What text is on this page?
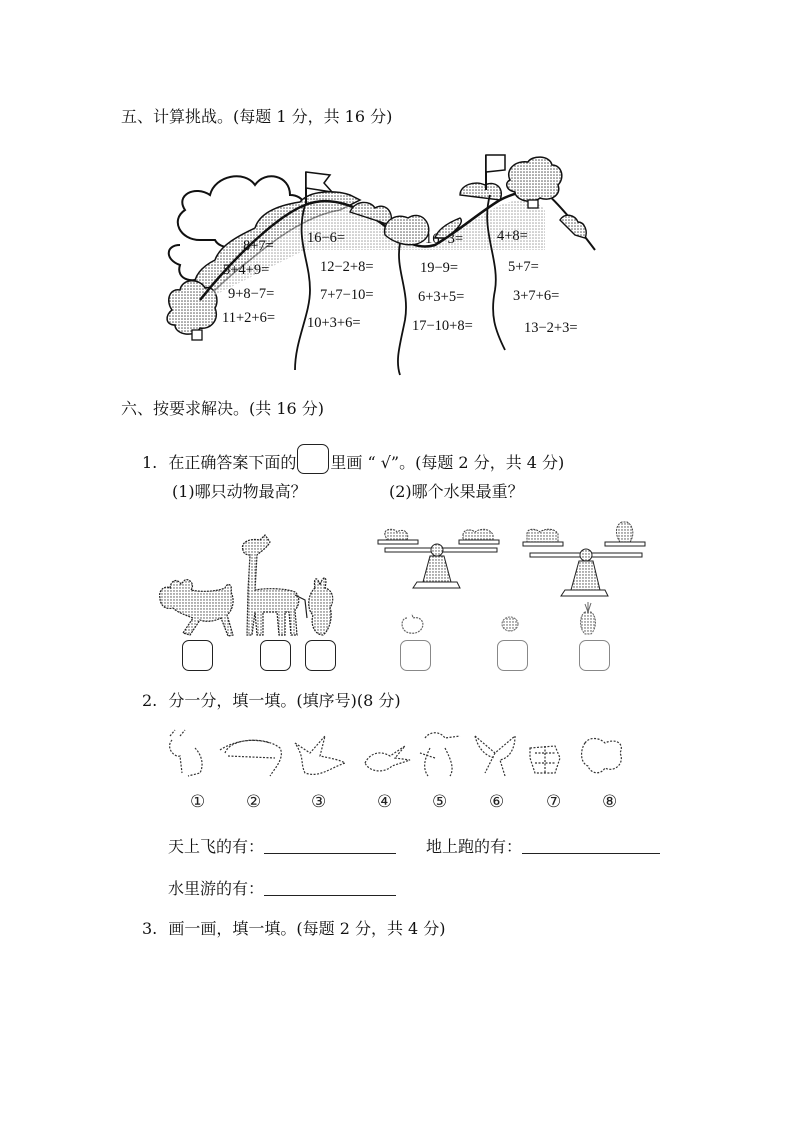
五、计算挑战。(每题 1 分，共 16 分)
8+7=
5+4+9=
9+8−7=
11+2+6=
16−6=
12−2+8=
7+7−10=
10+3+6=
16−3=
19−9=
6+3+5=
17−10+8=
4+8=
5+7=
3+7+6=
13−2+3=
六、按要求解决。(共 16 分)
1. 在正确答案下面的 里画 “ √”。(每题 2 分，共 4 分)
(1)哪只动物最高？	(2)哪个水果最重？
2. 分一分，填一填。(填序号)(8 分)
① ②	③	④ ⑤ ⑥ ⑦ ⑧
天上飞的有：	地上跑的有：
水里游的有：
3. 画一画，填一填。(每题 2 分，共 4 分)
